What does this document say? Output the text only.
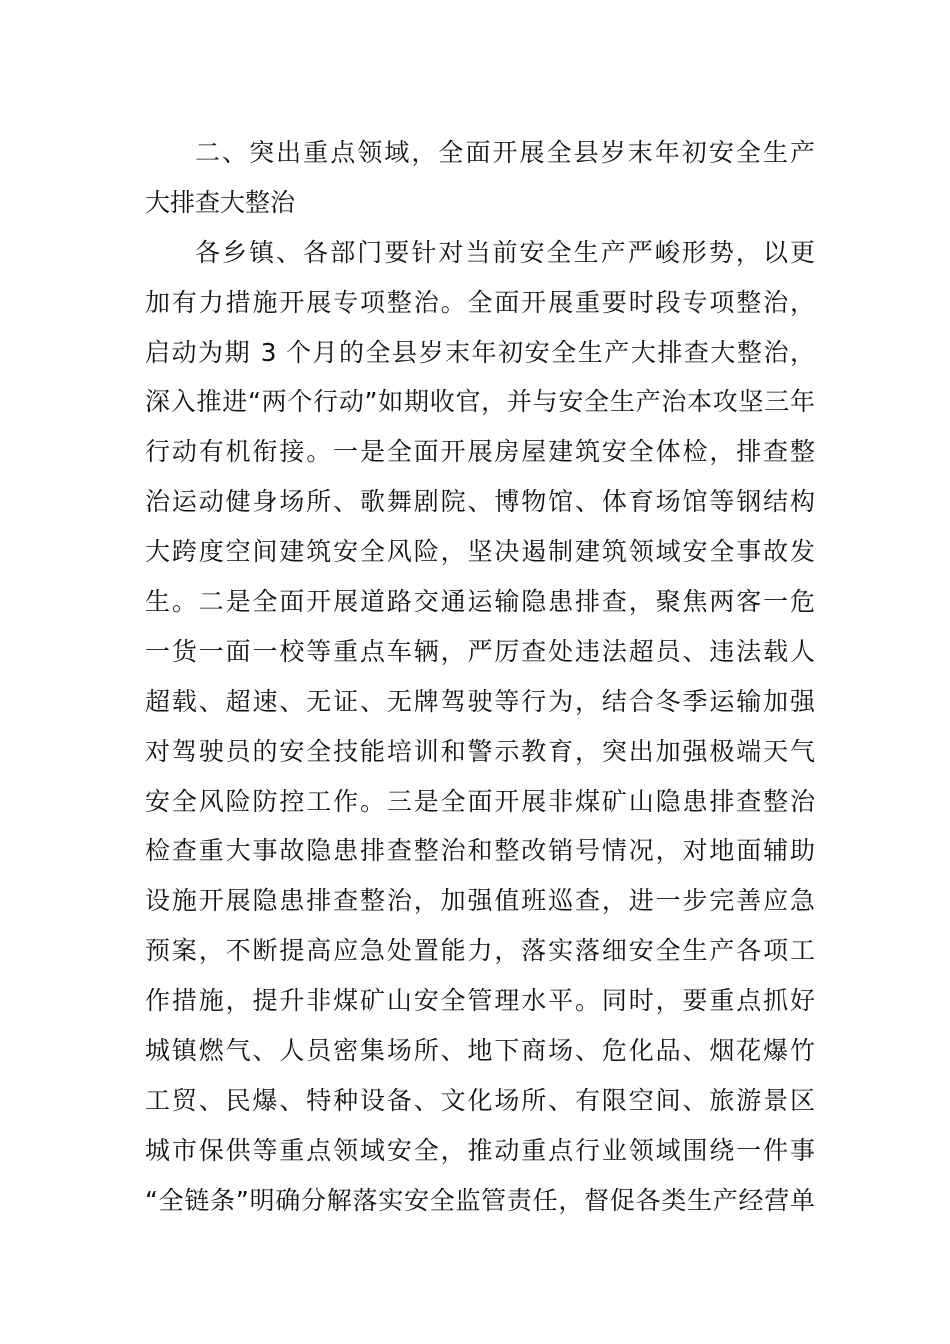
二、突出重点领域，全面开展全县岁末年初安全生产
大排查大整治
各乡镇、各部门要针对当前安全生产严峻形势，以更
加有力措施开展专项整治。全面开展重要时段专项整治，
启动为期 3 个月的全县岁末年初安全生产大排查大整治，
深入推进“两个行动”如期收官，并与安全生产治本攻坚三年
行动有机衔接。一是全面开展房屋建筑安全体检，排查整
治运动健身场所、歌舞剧院、博物馆、体育场馆等钢结构
大跨度空间建筑安全风险，坚决遏制建筑领域安全事故发
生。二是全面开展道路交通运输隐患排查，聚焦两客一危
一货一面一校等重点车辆，严厉查处违法超员、违法载人
超载、超速、无证、无牌驾驶等行为，结合冬季运输加强
对驾驶员的安全技能培训和警示教育，突出加强极端天气
安全风险防控工作。三是全面开展非煤矿山隐患排查整治
检查重大事故隐患排查整治和整改销号情况，对地面辅助
设施开展隐患排查整治，加强值班巡查，进一步完善应急
预案，不断提高应急处置能力，落实落细安全生产各项工
作措施，提升非煤矿山安全管理水平。同时，要重点抓好
城镇燃气、人员密集场所、地下商场、危化品、烟花爆竹
工贸、民爆、特种设备、文化场所、有限空间、旅游景区
城市保供等重点领域安全，推动重点行业领域围绕一件事
“全链条”明确分解落实安全监管责任，督促各类生产经营单
